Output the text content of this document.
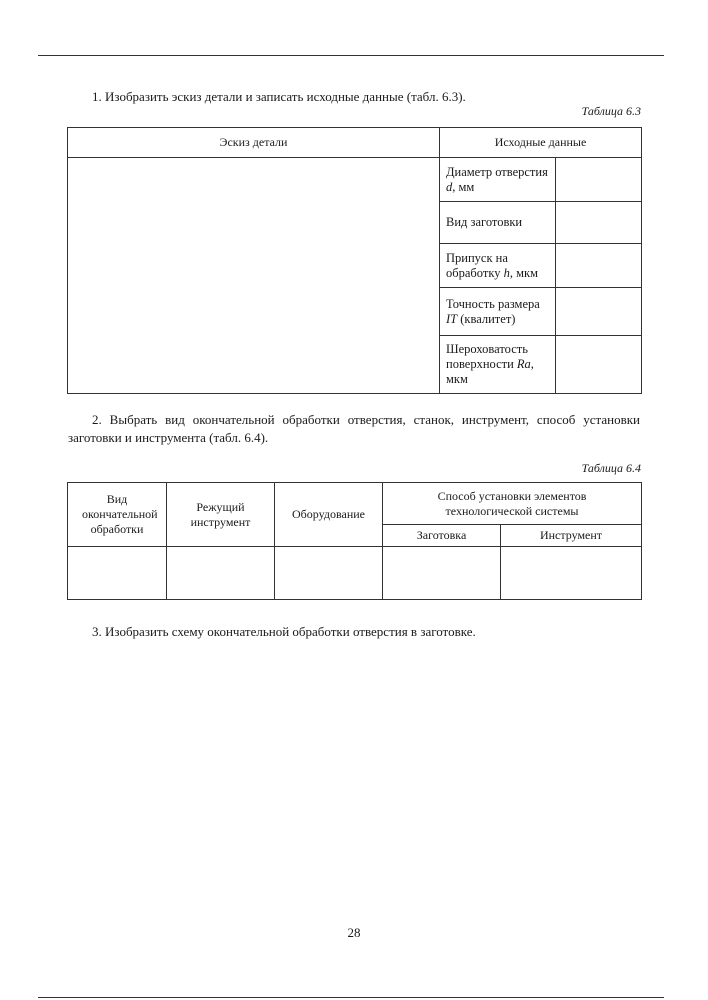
1. Изобразить эскиз детали и записать исходные данные (табл. 6.3).

Таблица 6.3
Эскиз детали	Исходные данные	
	Диаметр отверстия d, мм	
	Вид заготовки	
	Припуск на обработку h, мкм	
	Точность размера IT (квалитет)	
	Шероховатость поверхности Ra, мкм	

2. Выбрать вид окончательной обработки отверстия, станок, инструмент, способ установки заготовки и инструмента (табл. 6.4).

Таблица 6.4
Вид окончательной обработки	Режущий инструмент	Оборудование	Способ установки элементов технологической системы	
			Заготовка	Инструмент

3. Изобразить схему окончательной обработки отверстия в заготовке.

28
